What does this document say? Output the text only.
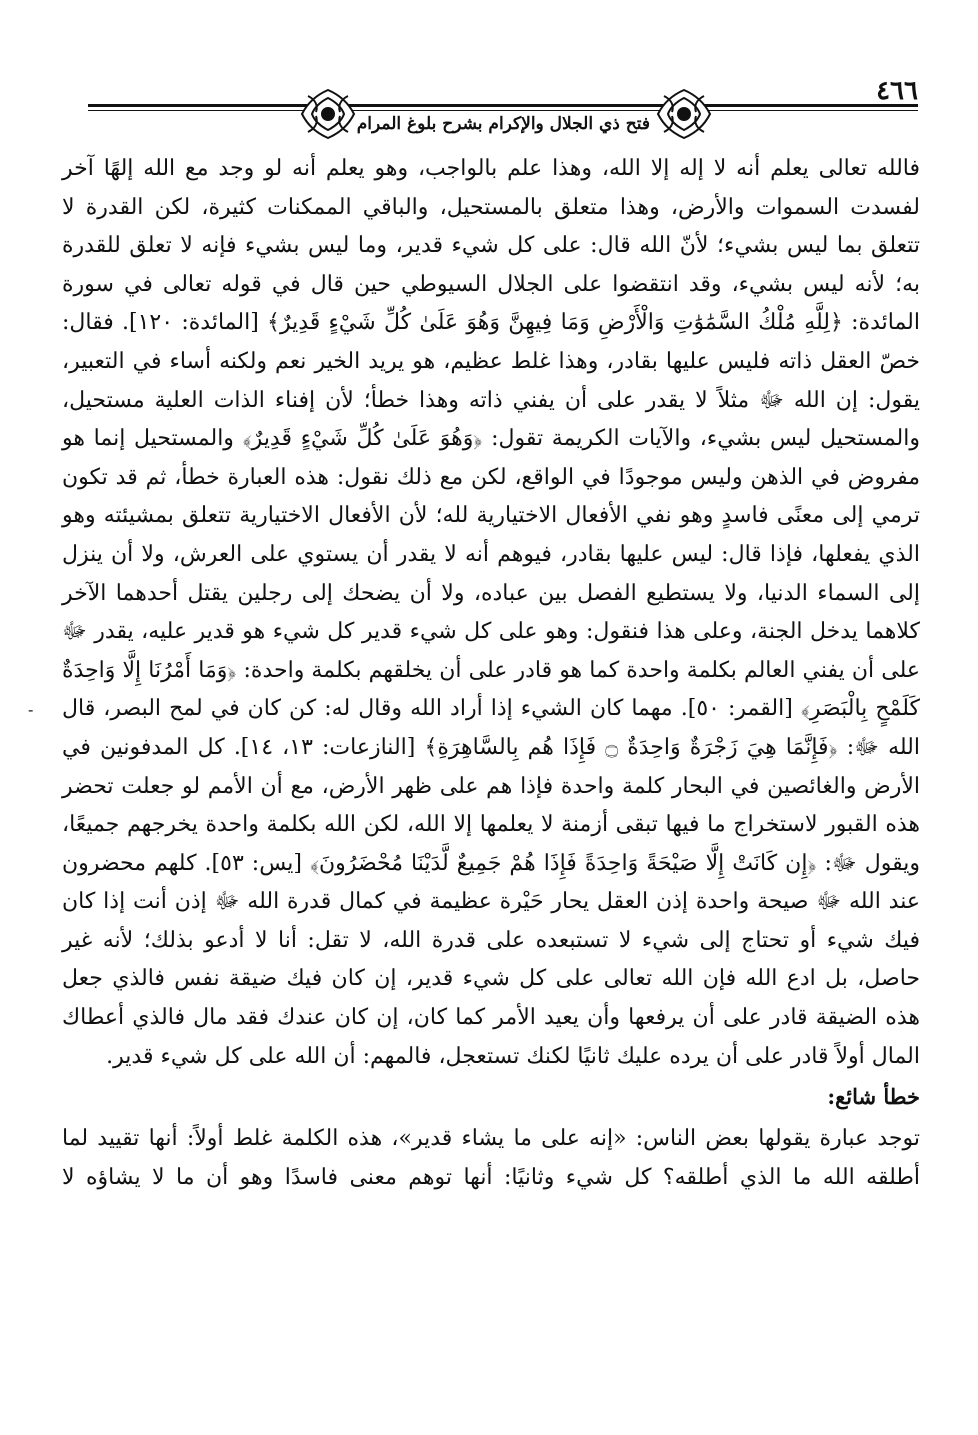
٤٦٦
فتح ذي الجلال والإكرام بشرح بلوغ المرام

فالله تعالى يعلم أنه لا إله إلا الله، وهذا علم بالواجب، وهو يعلم أنه لو وجد مع الله إلهًا آخر لفسدت السموات والأرض، وهذا متعلق بالمستحيل، والباقي الممكنات كثيرة، لكن القدرة لا تتعلق بما ليس بشيء؛ لأنّ الله قال: على كل شيء قدير، وما ليس بشيء فإنه لا تعلق للقدرة به؛ لأنه ليس بشيء، وقد انتقضوا على الجلال السيوطي حين قال في قوله تعالى في سورة المائدة: ﴿لِلَّهِ مُلْكُ السَّمَٰوَٰتِ وَالْأَرْضِ وَمَا فِيهِنَّ وَهُوَ عَلَىٰ كُلِّ شَيْءٍ قَدِيرٌ﴾ [المائدة: ١٢٠]. فقال: خصّ العقل ذاته فليس عليها بقادر، وهذا غلط عظيم، هو يريد الخير نعم ولكنه أساء في التعبير، يقول: إن الله ﷻ مثلاً لا يقدر على أن يفني ذاته وهذا خطأ؛ لأن إفناء الذات العلية مستحيل، والمستحيل ليس بشيء، والآيات الكريمة تقول: ﴿وَهُوَ عَلَىٰ كُلِّ شَيْءٍ قَدِيرٌ﴾ والمستحيل إنما هو مفروض في الذهن وليس موجودًا في الواقع، لكن مع ذلك نقول: هذه العبارة خطأ، ثم قد تكون ترمي إلى معنًى فاسدٍ وهو نفي الأفعال الاختيارية لله؛ لأن الأفعال الاختيارية تتعلق بمشيئته وهو الذي يفعلها، فإذا قال: ليس عليها بقادر، فيوهم أنه لا يقدر أن يستوي على العرش، ولا أن ينزل إلى السماء الدنيا، ولا يستطيع الفصل بين عباده، ولا أن يضحك إلى رجلين يقتل أحدهما الآخر كلاهما يدخل الجنة، وعلى هذا فنقول: وهو على كل شيء قدير كل شيء هو قدير عليه، يقدر ﷻ على أن يفني العالم بكلمة واحدة كما هو قادر على أن يخلقهم بكلمة واحدة: ﴿وَمَا أَمْرُنَا إِلَّا وَاحِدَةٌ كَلَمْحٍ بِالْبَصَرِ﴾ [القمر: ٥٠]. مهما كان الشيء إذا أراد الله وقال له: كن كان في لمح البصر، قال الله ﷻ: ﴿فَإِنَّمَا هِيَ زَجْرَةٌ وَاحِدَةٌ ۝ فَإِذَا هُم بِالسَّاهِرَةِ﴾ [النازعات: ١٣، ١٤]. كل المدفونين في الأرض والغائصين في البحار كلمة واحدة فإذا هم على ظهر الأرض، مع أن الأمم لو جعلت تحضر هذه القبور لاستخراج ما فيها تبقى أزمنة لا يعلمها إلا الله، لكن الله بكلمة واحدة يخرجهم جميعًا، ويقول ﷻ: ﴿إِن كَانَتْ إِلَّا صَيْحَةً وَاحِدَةً فَإِذَا هُمْ جَمِيعٌ لَّدَيْنَا مُحْضَرُونَ﴾ [يس: ٥٣]. كلهم محضرون عند الله ﷻ صيحة واحدة إذن العقل يحار حَيْرة عظيمة في كمال قدرة الله ﷻ إذن أنت إذا كان فيك شيء أو تحتاج إلى شيء لا تستبعده على قدرة الله، لا تقل: أنا لا أدعو بذلك؛ لأنه غير حاصل، بل ادع الله فإن الله تعالى على كل شيء قدير، إن كان فيك ضيقة نفس فالذي جعل هذه الضيقة قادر على أن يرفعها وأن يعيد الأمر كما كان، إن كان عندك فقد مال فالذي أعطاك المال أولاً قادر على أن يرده عليك ثانيًا لكنك تستعجل، فالمهم: أن الله على كل شيء قدير.

خطأ شائع:

توجد عبارة يقولها بعض الناس: «إنه على ما يشاء قدير»، هذه الكلمة غلط أولاً: أنها تقييد لما أطلقه الله ما الذي أطلقه؟ كل شيء وثانيًا: أنها توهم معنى فاسدًا وهو أن ما لا يشاؤه لا

-
